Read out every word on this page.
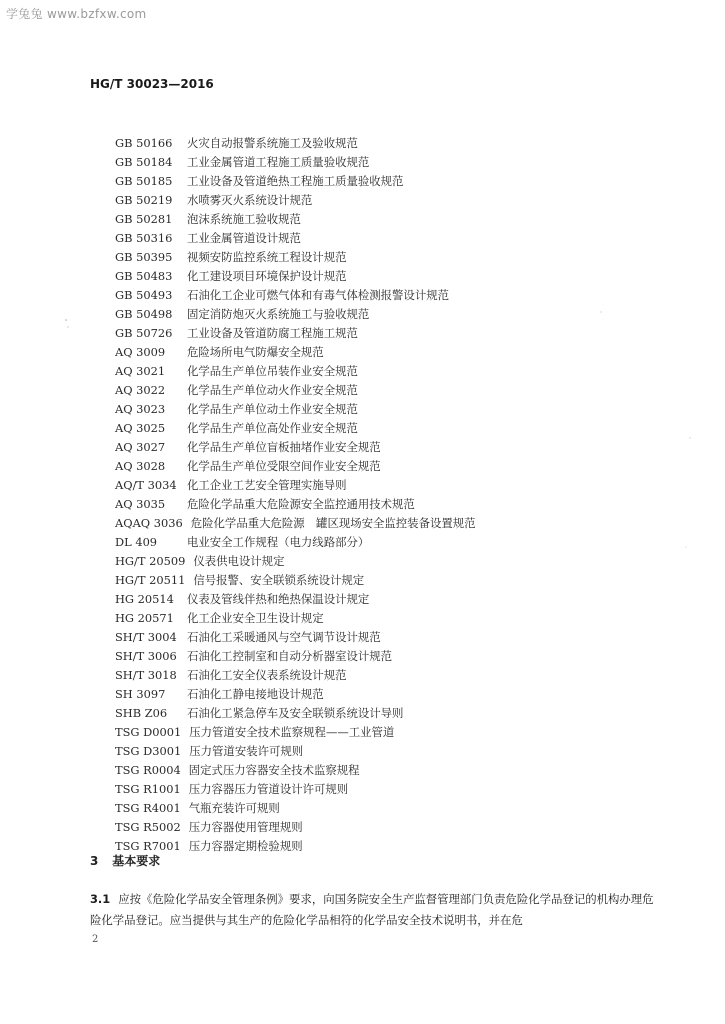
学兔兔 www.bzfxw.com
HG/T 30023—2016
GB 50166 火灾自动报警系统施工及验收规范
GB 50184 工业金属管道工程施工质量验收规范
GB 50185 工业设备及管道绝热工程施工质量验收规范
GB 50219 水喷雾灭火系统设计规范
GB 50281 泡沫系统施工验收规范
GB 50316 工业金属管道设计规范
GB 50395 视频安防监控系统工程设计规范
GB 50483 化工建设项目环境保护设计规范
GB 50493 石油化工企业可燃气体和有毒气体检测报警设计规范
GB 50498 固定消防炮灭火系统施工与验收规范
GB 50726 工业设备及管道防腐工程施工规范
AQ 3009 危险场所电气防爆安全规范
AQ 3021 化学品生产单位吊装作业安全规范
AQ 3022 化学品生产单位动火作业安全规范
AQ 3023 化学品生产单位动土作业安全规范
AQ 3025 化学品生产单位高处作业安全规范
AQ 3027 化学品生产单位盲板抽堵作业安全规范
AQ 3028 化学品生产单位受限空间作业安全规范
AQ/T 3034 化工企业工艺安全管理实施导则
AQ 3035 危险化学品重大危险源安全监控通用技术规范
AQAQ 3036 危险化学品重大危险源　罐区现场安全监控装备设置规范
DL 409	电业安全工作规程（电力线路部分）
HG/T 20509 仪表供电设计规定
HG/T 20511 信号报警、安全联锁系统设计规定
HG 20514 仪表及管线伴热和绝热保温设计规定
HG 20571 化工企业安全卫生设计规定
SH/T 3004 石油化工采暖通风与空气调节设计规范
SH/T 3006 石油化工控制室和自动分析器室设计规范
SH/T 3018 石油化工安全仪表系统设计规范
SH 3097 石油化工静电接地设计规范
SHB Z06 石油化工紧急停车及安全联锁系统设计导则
TSG D0001 压力管道安全技术监察规程——工业管道
TSG D3001 压力管道安装许可规则
TSG R0004 固定式压力容器安全技术监察规程
TSG R1001 压力容器压力管道设计许可规则
TSG R4001 气瓶充装许可规则
TSG R5002 压力容器使用管理规则
TSG R7001 压力容器定期检验规则
3 基本要求
3.1 应按《危险化学品安全管理条例》要求，向国务院安全生产监督管理部门负责危险化学品登记的机构办理危险化学品登记。应当提供与其生产的危险化学品相符的化学品安全技术说明书，并在危
2
